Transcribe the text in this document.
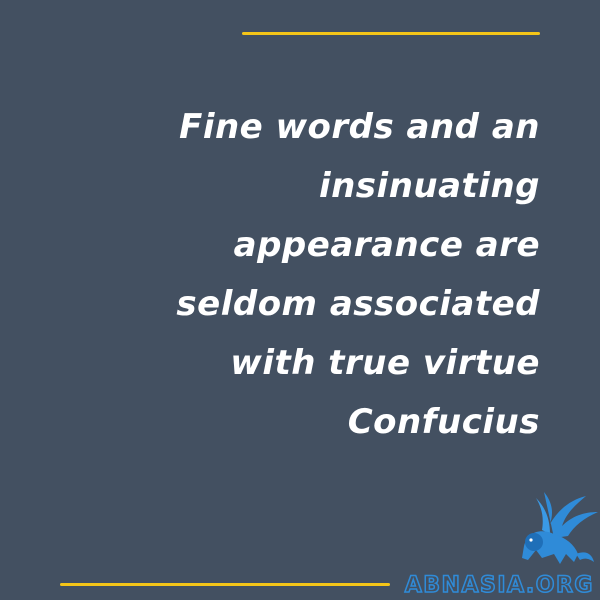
Fine words and an
insinuating
appearance are
seldom associated
with true virtue
Confucius
ABNASIA.ORG
